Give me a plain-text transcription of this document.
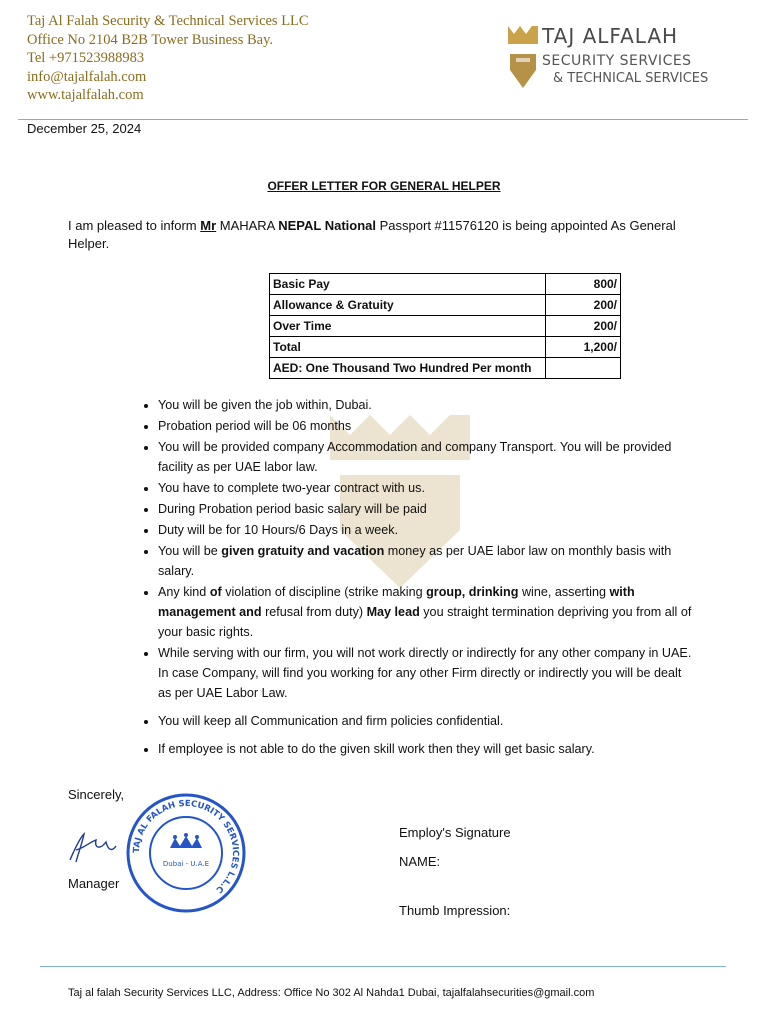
Taj Al Falah Security & Technical Services LLC
Office No 2104 B2B Tower Business Bay.
Tel +971523988983
info@tajalfalah.com
www.tajalfalah.com
TAJ ALFALAH
SECURITY SERVICES
& TECHNICAL SERVICES
December 25, 2024
OFFER LETTER FOR GENERAL HELPER
I am pleased to inform Mr MAHARA NEPAL National Passport #11576120 is being appointed As General Helper.
Basic Pay	800/
Allowance & Gratuity	200/
Over Time	200/
Total	1,200/
AED: One Thousand Two Hundred Per month	
• You will be given the job within, Dubai.
• Probation period will be 06 months
• You will be provided company Accommodation and company Transport. You will be provided facility as per UAE labor law.
• You have to complete two-year contract with us.
• During Probation period basic salary will be paid
• Duty will be for 10 Hours/6 Days in a week.
• You will be given gratuity and vacation money as per UAE labor law on monthly basis with salary.
• Any kind of violation of discipline (strike making group, drinking wine, asserting with management and refusal from duty) May lead you straight termination depriving you from all of your basic rights.
• While serving with our firm, you will not work directly or indirectly for any other company in UAE. In case Company, will find you working for any other Firm directly or indirectly you will be dealt as per UAE Labor Law.
• You will keep all Communication and firm policies confidential.
• If employee is not able to do the given skill work then they will get basic salary.
Sincerely,
Manager
TAJ AL FALAH SECURITY SERVICES L.L.C
Dubai - U.A.E
Employ's Signature
NAME:
Thumb Impression:
Taj al falah Security Services LLC, Address: Office No 302 Al Nahda1 Dubai, tajalfalahsecurities@gmail.com
